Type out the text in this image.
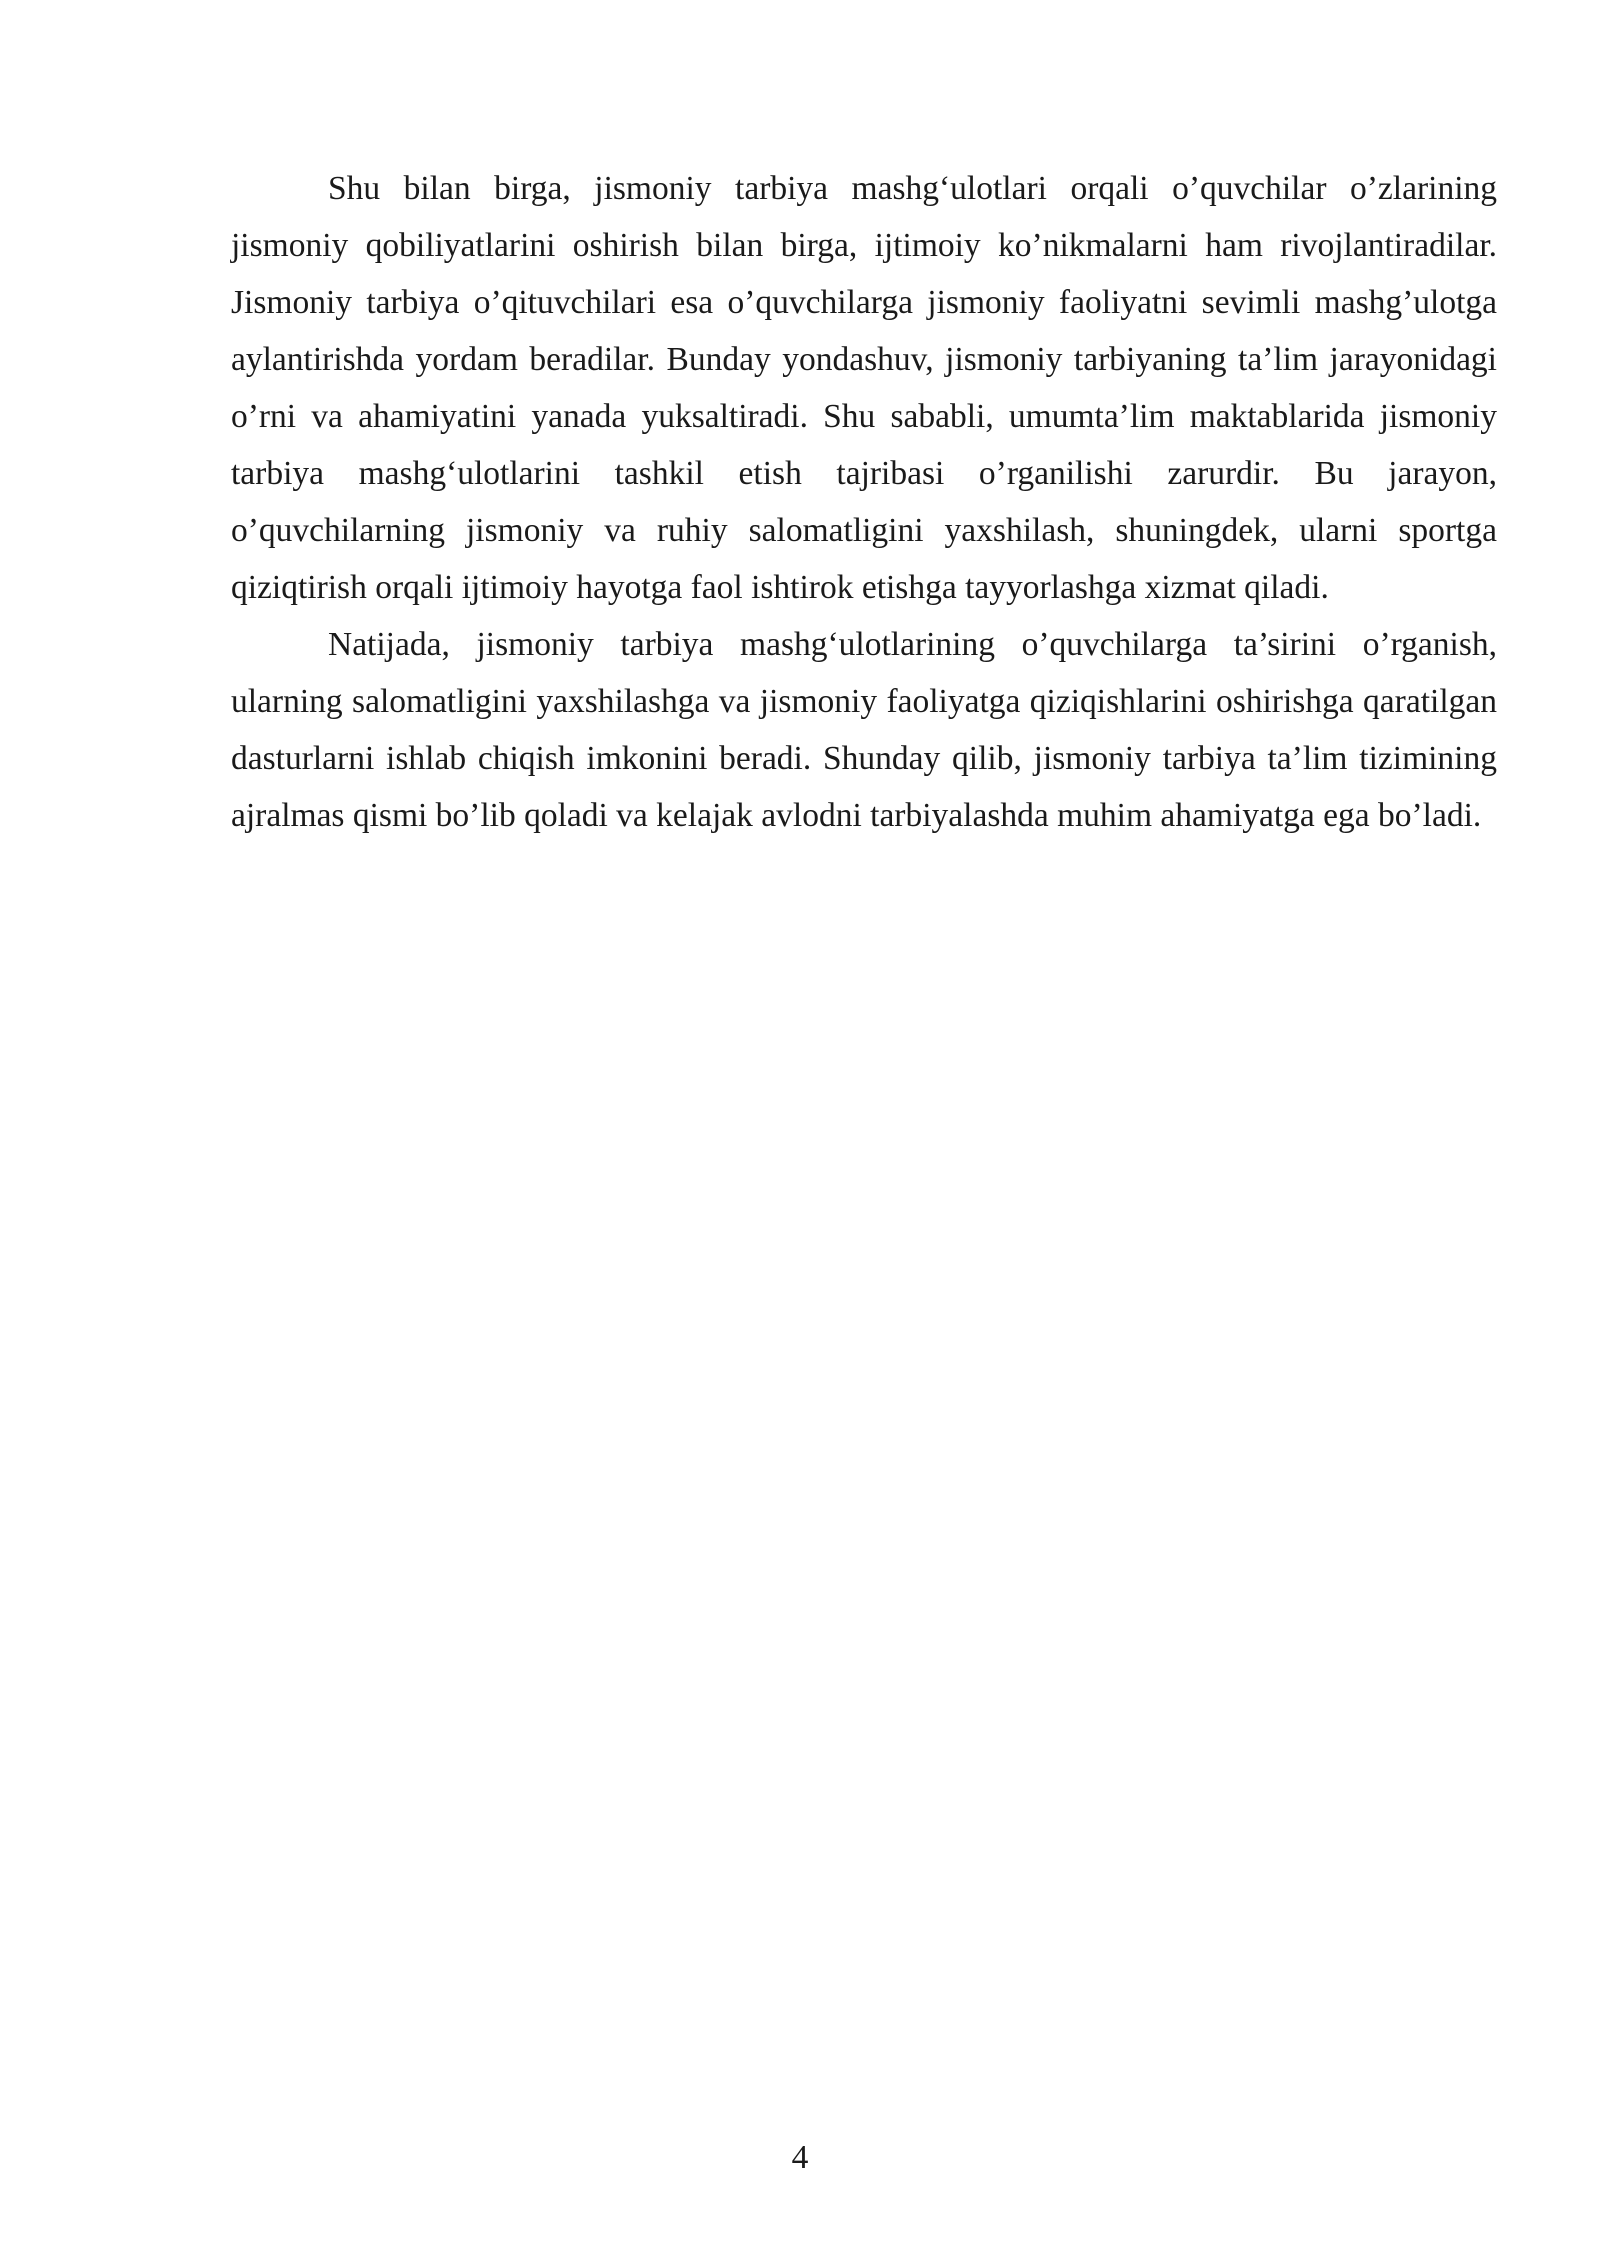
Shu bilan birga, jismoniy tarbiya mashg‘ulotlari orqali o’quvchilar o’zlarining jismoniy qobiliyatlarini oshirish bilan birga, ijtimoiy ko’nikmalarni ham rivojlantiradilar. Jismoniy tarbiya o’qituvchilari esa o’quvchilarga jismoniy faoliyatni sevimli mashg’ulotga aylantirishda yordam beradilar. Bunday yondashuv, jismoniy tarbiyaning ta’lim jarayonidagi o’rni va ahamiyatini yanada yuksaltiradi. Shu sababli, umumta’lim maktablarida jismoniy tarbiya mashg‘ulotlarini tashkil etish tajribasi o’rganilishi zarurdir. Bu jarayon, o’quvchilarning jismoniy va ruhiy salomatligini yaxshilash, shuningdek, ularni sportga qiziqtirish orqali ijtimoiy hayotga faol ishtirok etishga tayyorlashga xizmat qiladi.

Natijada, jismoniy tarbiya mashg‘ulotlarining o’quvchilarga ta’sirini o’rganish, ularning salomatligini yaxshilashga va jismoniy faoliyatga qiziqishlarini oshirishga qaratilgan dasturlarni ishlab chiqish imkonini beradi. Shunday qilib, jismoniy tarbiya ta’lim tizimining ajralmas qismi bo’lib qoladi va kelajak avlodni tarbiyalashda muhim ahamiyatga ega bo’ladi.

4
